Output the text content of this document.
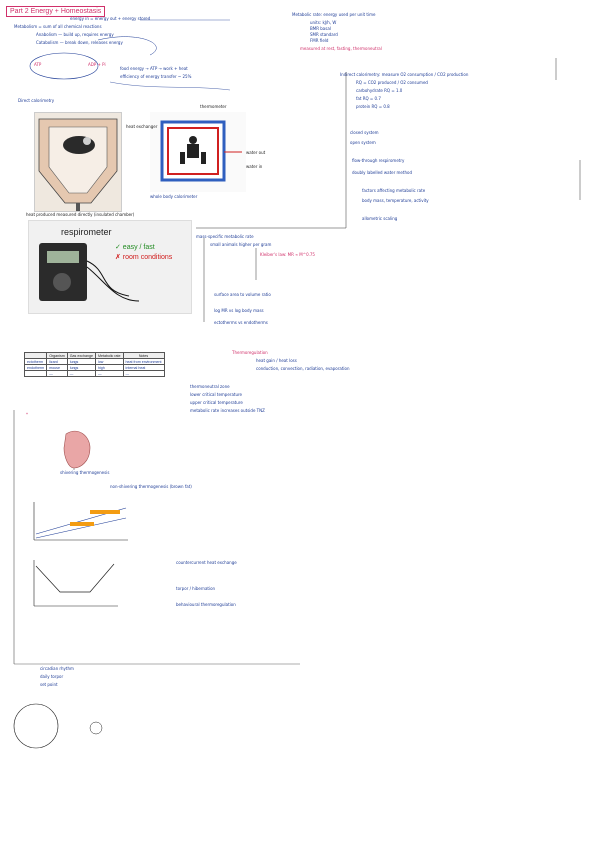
Part 2 Energy + Homeostasis
energy in = energy out + energy stored
Metabolism = sum of all chemical reactions
Anabolism — build up, requires energy
Catabolism — break down, releases energy
ATP	ADP + Pi
food energy → ATP → work + heat
efficiency of energy transfer ~ 25%
Metabolic rate: energy used per unit time
units: kJ/h, W
BMR basal
SMR standard
FMR field
measured at rest, fasting, thermoneutral
Direct calorimetry
heat produced measured directly (insulated chamber)
whole body calorimeter
heat exchanger
water out
water in
thermometer
respirometer
✓ easy / fast
✗ room conditions
Indirect calorimetry: measure O2 consumption / CO2 production
RQ = CO2 produced / O2 consumed
carbohydrate RQ = 1.0
fat RQ = 0.7
protein RQ = 0.8
closed system
open system
flow-through respirometry
doubly labelled water method
factors affecting metabolic rate
body mass, temperature, activity
allometric scaling
mass-specific metabolic rate
small animals higher per gram
Kleiber's law: MR ∝ M^0.75
surface area to volume ratio
log MR vs log body mass
ectotherms vs endotherms
	Organism	Gas exchange	Metabolic rate	Notes
ectotherm	lizard	lungs	low	heat from environment
endotherm	mouse	lungs	high	internal heat
	—	—	—	—
Thermoregulation
heat gain / heat loss
conduction, convection, radiation, evaporation
thermoneutral zone
lower critical temperature
upper critical temperature
metabolic rate increases outside TNZ
shivering thermogenesis
non-shivering thermogenesis (brown fat)
countercurrent heat exchange
torpor / hibernation
behavioural thermoregulation
*
circadian rhythm
daily torpor
set point
